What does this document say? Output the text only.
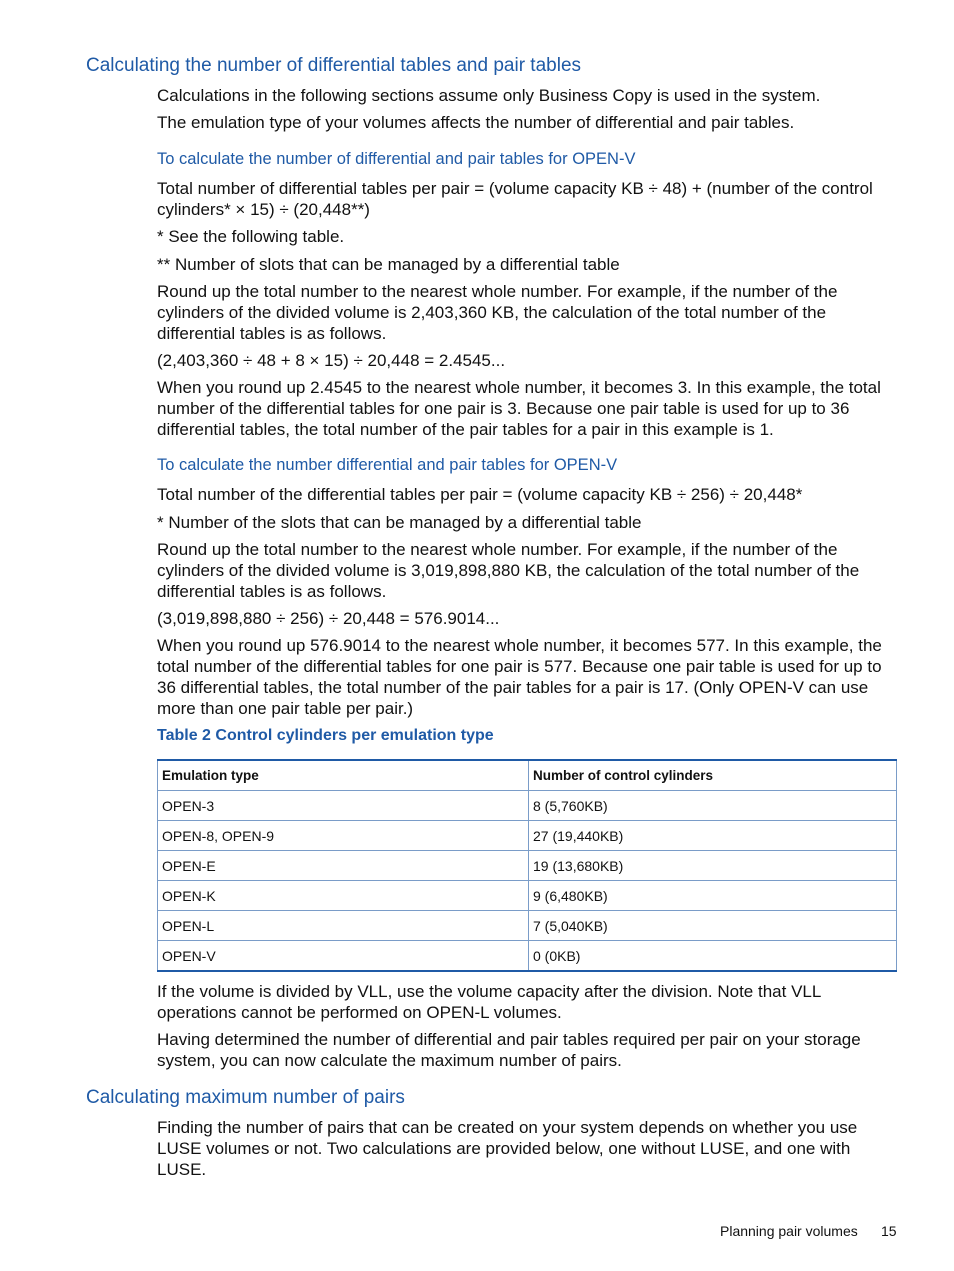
Calculating the number of differential tables and pair tables

Calculations in the following sections assume only Business Copy is used in the system.

The emulation type of your volumes affects the number of differential and pair tables.

To calculate the number of differential and pair tables for OPEN-V

Total number of differential tables per pair = (volume capacity KB ÷ 48) + (number of the control cylinders* × 15) ÷ (20,448**)

* See the following table.

** Number of slots that can be managed by a differential table

Round up the total number to the nearest whole number. For example, if the number of the cylinders of the divided volume is 2,403,360 KB, the calculation of the total number of the differential tables is as follows.

(2,403,360 ÷ 48 + 8 × 15) ÷ 20,448 = 2.4545...

When you round up 2.4545 to the nearest whole number, it becomes 3. In this example, the total number of the differential tables for one pair is 3. Because one pair table is used for up to 36 differential tables, the total number of the pair tables for a pair in this example is 1.

To calculate the number differential and pair tables for OPEN-V

Total number of the differential tables per pair = (volume capacity KB ÷ 256) ÷ 20,448*

* Number of the slots that can be managed by a differential table

Round up the total number to the nearest whole number. For example, if the number of the cylinders of the divided volume is 3,019,898,880 KB, the calculation of the total number of the differential tables is as follows.

(3,019,898,880 ÷ 256) ÷ 20,448 = 576.9014...

When you round up 576.9014 to the nearest whole number, it becomes 577. In this example, the total number of the differential tables for one pair is 577. Because one pair table is used for up to 36 differential tables, the total number of the pair tables for a pair is 17. (Only OPEN-V can use more than one pair table per pair.)

Table 2 Control cylinders per emulation type

Emulation type	Number of control cylinders
OPEN-3	8 (5,760KB)
OPEN-8, OPEN-9	27 (19,440KB)
OPEN-E	19 (13,680KB)
OPEN-K	9 (6,480KB)
OPEN-L	7 (5,040KB)
OPEN-V	0 (0KB)

If the volume is divided by VLL, use the volume capacity after the division. Note that VLL operations cannot be performed on OPEN-L volumes.

Having determined the number of differential and pair tables required per pair on your storage system, you can now calculate the maximum number of pairs.

Calculating maximum number of pairs

Finding the number of pairs that can be created on your system depends on whether you use LUSE volumes or not. Two calculations are provided below, one without LUSE, and one with LUSE.

Planning pair volumes 15
